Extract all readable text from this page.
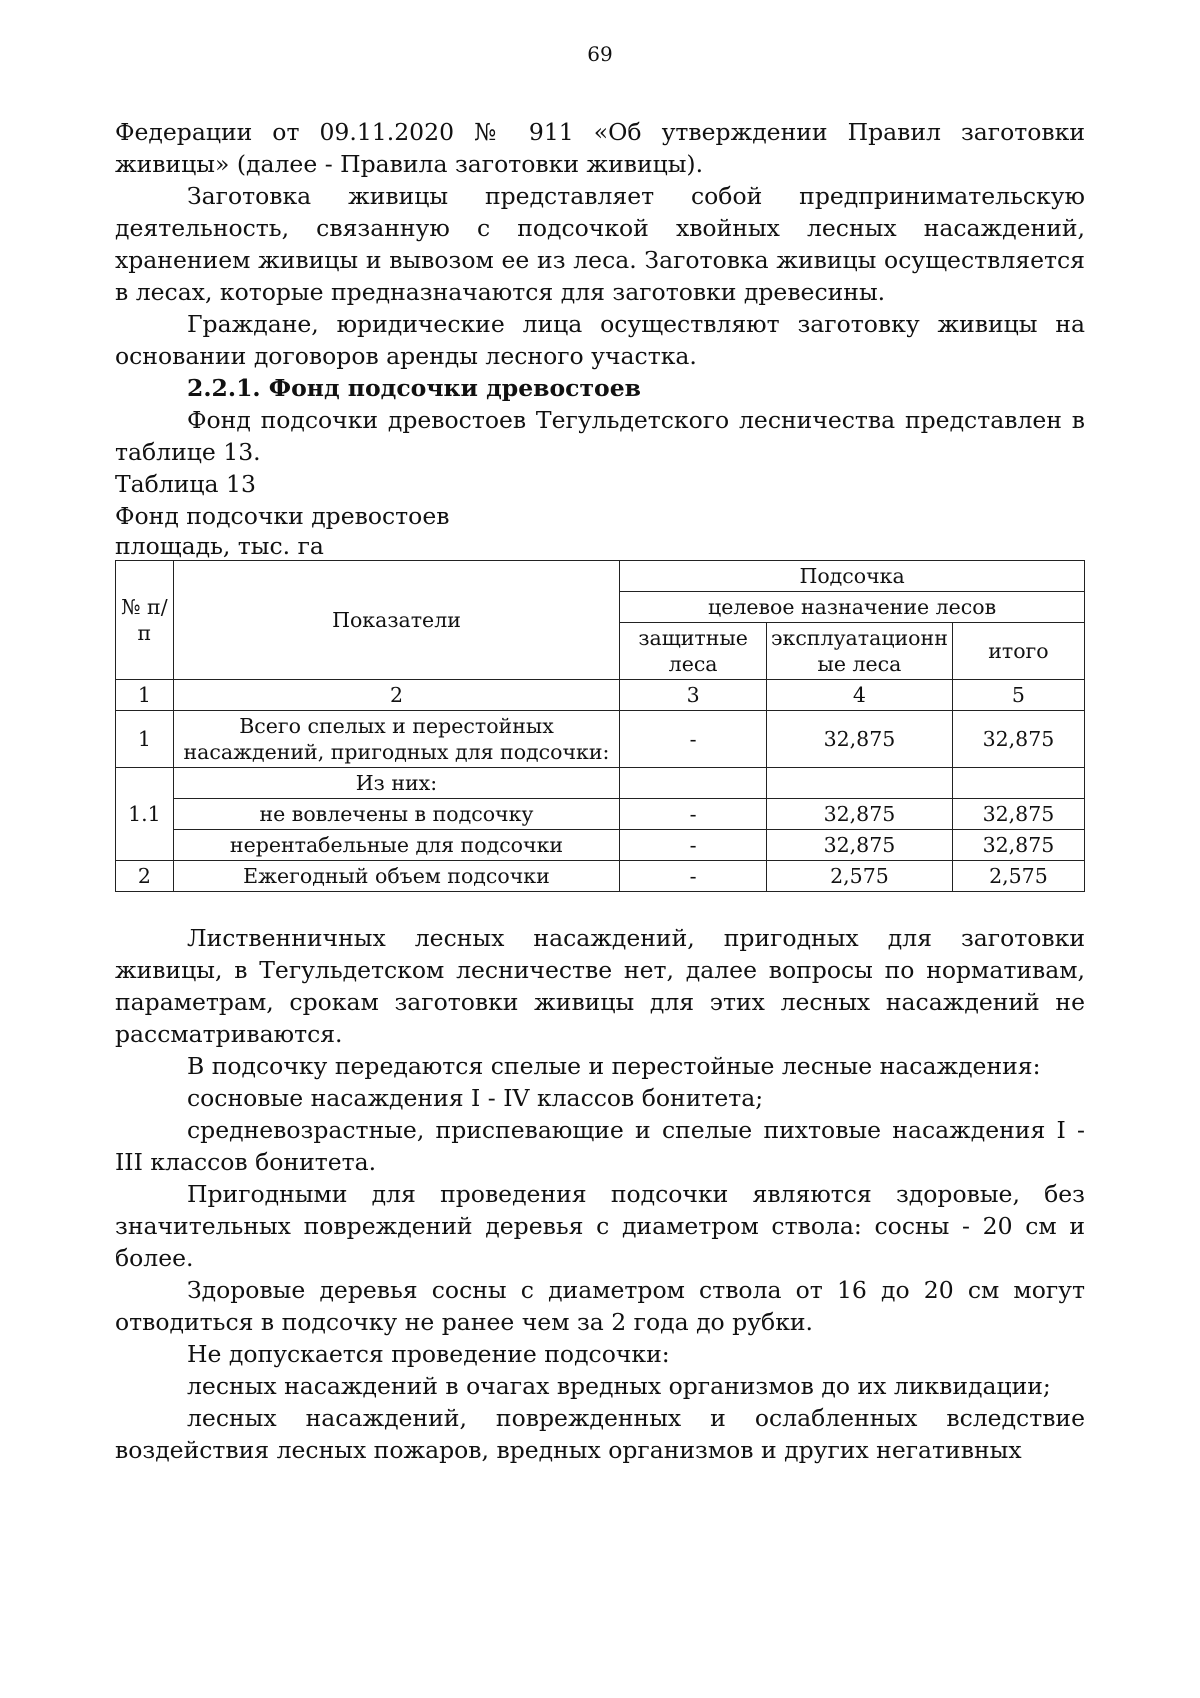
69

Федерации от 09.11.2020 № 911 «Об утверждении Правил заготовки живицы» (далее - Правила заготовки живицы).

Заготовка живицы представляет собой предпринимательскую деятельность, связанную с подсочкой хвойных лесных насаждений, хранением живицы и вывозом ее из леса. Заготовка живицы осуществляется в лесах, которые предназначаются для заготовки древесины.

Граждане, юридические лица осуществляют заготовку живицы на основании договоров аренды лесного участка.

2.2.1. Фонд подсочки древостоев

Фонд подсочки древостоев Тегульдетского лесничества представлен в таблице 13.

Таблица 13

Фонд подсочки древостоев

площадь, тыс. га

№ п/п	Показатели	Подсочка		
		целевое назначение лесов		
		защитные леса	эксплуатационн ые леса	итого
1	2	3	4	5
1	Всего спелых и перестойных насаждений, пригодных для подсочки:	-	32,875	32,875
1.1	Из них:			
	не вовлечены в подсочку	-	32,875	32,875
	нерентабельные для подсочки	-	32,875	32,875
2	Ежегодный объем подсочки	-	2,575	2,575

Лиственничных лесных насаждений, пригодных для заготовки живицы, в Тегульдетском лесничестве нет, далее вопросы по нормативам, параметрам, срокам заготовки живицы для этих лесных насаждений не рассматриваются.

В подсочку передаются спелые и перестойные лесные насаждения:

сосновые насаждения I - IV классов бонитета;

средневозрастные, приспевающие и спелые пихтовые насаждения I - III классов бонитета.

Пригодными для проведения подсочки являются здоровые, без значительных повреждений деревья с диаметром ствола: сосны - 20 см и более.

Здоровые деревья сосны с диаметром ствола от 16 до 20 см могут отводиться в подсочку не ранее чем за 2 года до рубки.

Не допускается проведение подсочки:

лесных насаждений в очагах вредных организмов до их ликвидации;

лесных насаждений, поврежденных и ослабленных вследствие воздействия лесных пожаров, вредных организмов и других негативных
